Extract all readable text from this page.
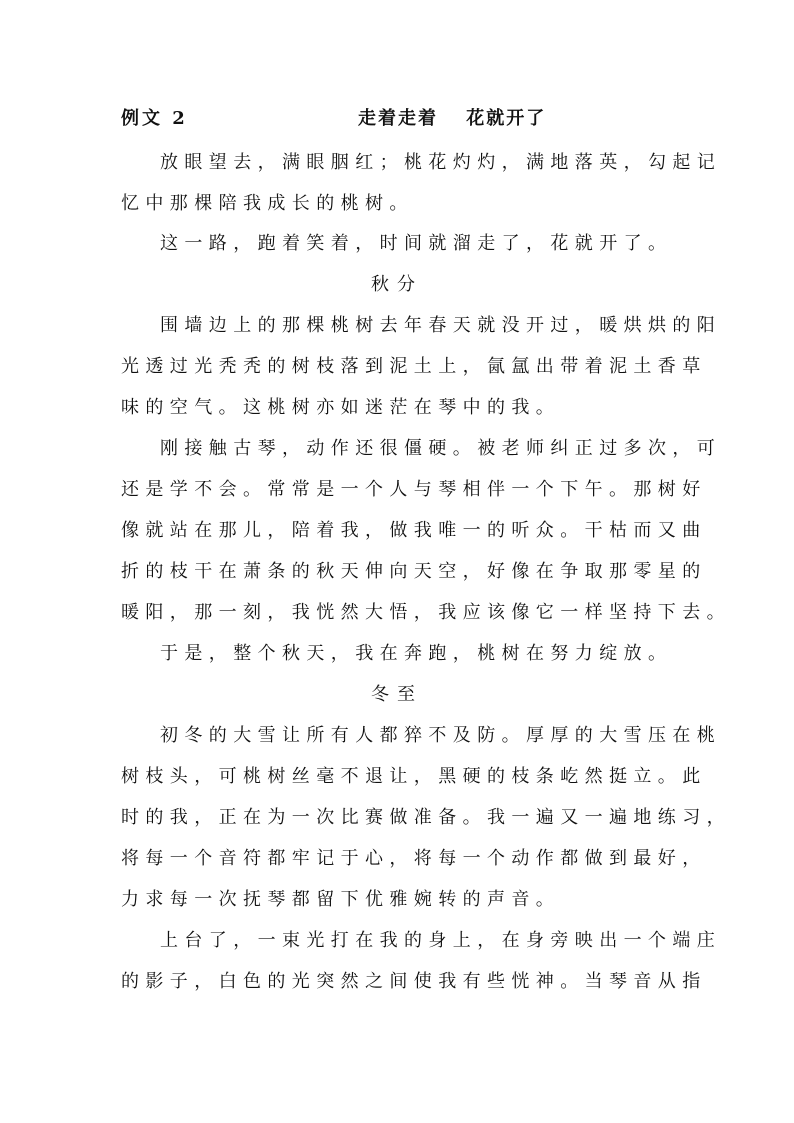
例文 2	走着走着　 花就开了
放眼望去，满眼胭红；桃花灼灼，满地落英，勾起记
忆中那棵陪我成长的桃树。
这一路，跑着笑着，时间就溜走了，花就开了。
秋分
围墙边上的那棵桃树去年春天就没开过，暖烘烘的阳
光透过光秃秃的树枝落到泥土上，氤氲出带着泥土香草
味的空气。这桃树亦如迷茫在琴中的我。
刚接触古琴，动作还很僵硬。被老师纠正过多次，可
还是学不会。常常是一个人与琴相伴一个下午。那树好
像就站在那儿，陪着我，做我唯一的听众。干枯而又曲
折的枝干在萧条的秋天伸向天空，好像在争取那零星的
暖阳，那一刻，我恍然大悟，我应该像它一样坚持下去。
于是，整个秋天，我在奔跑，桃树在努力绽放。
冬至
初冬的大雪让所有人都猝不及防。厚厚的大雪压在桃
树枝头，可桃树丝毫不退让，黑硬的枝条屹然挺立。此
时的我，正在为一次比赛做准备。我一遍又一遍地练习，
将每一个音符都牢记于心，将每一个动作都做到最好，
力求每一次抚琴都留下优雅婉转的声音。
上台了，一束光打在我的身上，在身旁映出一个端庄
的影子，白色的光突然之间使我有些恍神。当琴音从指
